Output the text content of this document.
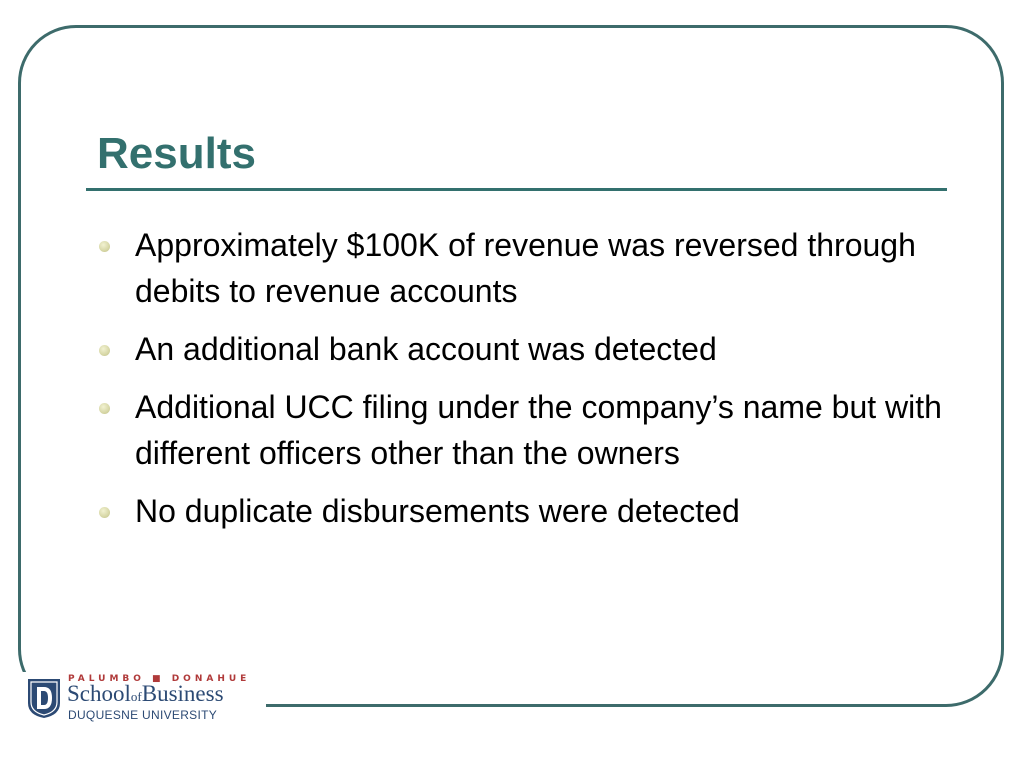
Results
Approximately $100K of revenue was reversed through debits to revenue accounts
An additional bank account was detected
Additional UCC filing under the company’s name but with different officers other than the owners
No duplicate disbursements were detected
PALUMBO ■ DONAHUE
SchoolofBusiness
DUQUESNE UNIVERSITY
